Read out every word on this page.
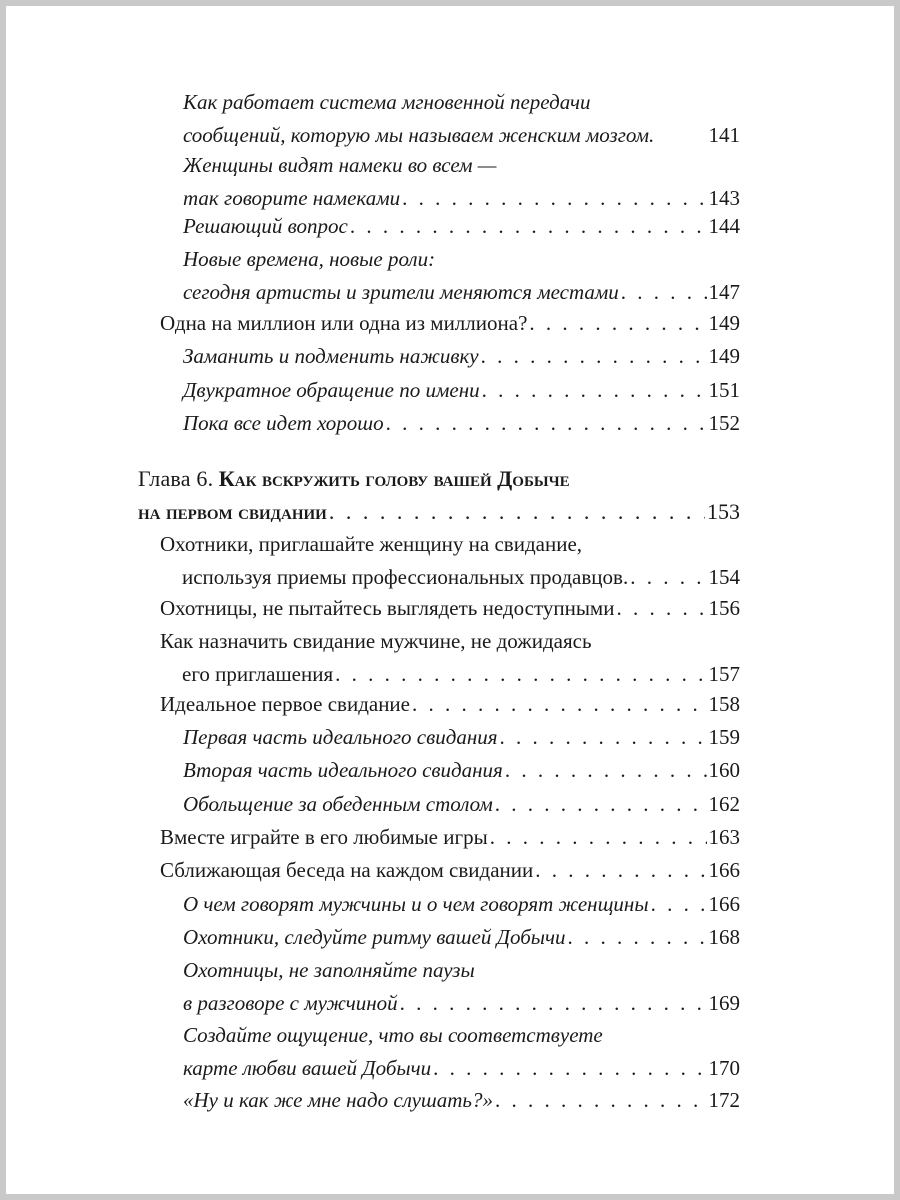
Как работает система мгновенной передачи
сообщений, которую мы называем женским мозгом.	141
Женщины видят намеки во всем —
так говорите намеками . . .	143
Решающий вопрос . . .	144
Новые времена, новые роли:
сегодня артисты и зрители меняются местами . . .	147
Одна на миллион или одна из миллиона? . . .	149
Заманить и подменить наживку . . .	149
Двукратное обращение по имени . . .	151
Пока все идет хорошо . . .	152
Глава 6.
Как вскружить голову вашей Добыче
на первом свидании . . .	153
Охотники, приглашайте женщину на свидание,
используя приемы профессиональных продавцов. . . .	154
Охотницы, не пытайтесь выглядеть недоступными . . .	156
Как назначить свидание мужчине, не дожидаясь
его приглашения . . .	157
Идеальное первое свидание . . .	158
Первая часть идеального свидания . . .	159
Вторая часть идеального свидания . . .	160
Обольщение за обеденным столом . . .	162
Вместе играйте в его любимые игры . . .	163
Сближающая беседа на каждом свидании . . .	166
О чем говорят мужчины и о чем говорят женщины . . .	166
Охотники, следуйте ритму вашей Добычи . . .	168
Охотницы, не заполняйте паузы
в разговоре с мужчиной . . .	169
Создайте ощущение, что вы соответствуете
карте любви вашей Добычи . . .	170
«Ну и как же мне надо слушать?» . . .	172
